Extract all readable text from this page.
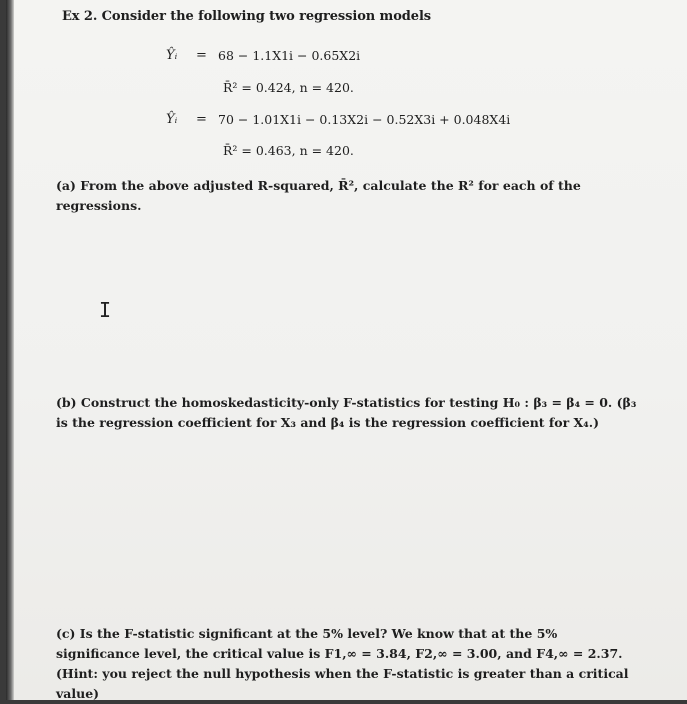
Ex 2. Consider the following two regression models
Ŷᵢ = 68 − 1.1X1i − 0.65X2i
R̄² = 0.424, n = 420.
Ŷᵢ = 70 − 1.01X1i − 0.13X2i − 0.52X3i + 0.048X4i
R̄² = 0.463, n = 420.
(a) From the above adjusted R-squared, R̄², calculate the R² for each of the regressions.
I
(b) Construct the homoskedasticity-only F-statistics for testing H₀ : β₃ = β₄ = 0. (β₃ is the regression coefficient for X₃ and β₄ is the regression coefficient for X₄.)
(c) Is the F-statistic significant at the 5% level? We know that at the 5% significance level, the critical value is F1,∞ = 3.84, F2,∞ = 3.00, and F4,∞ = 2.37. (Hint: you reject the null hypothesis when the F-statistic is greater than a critical value)
